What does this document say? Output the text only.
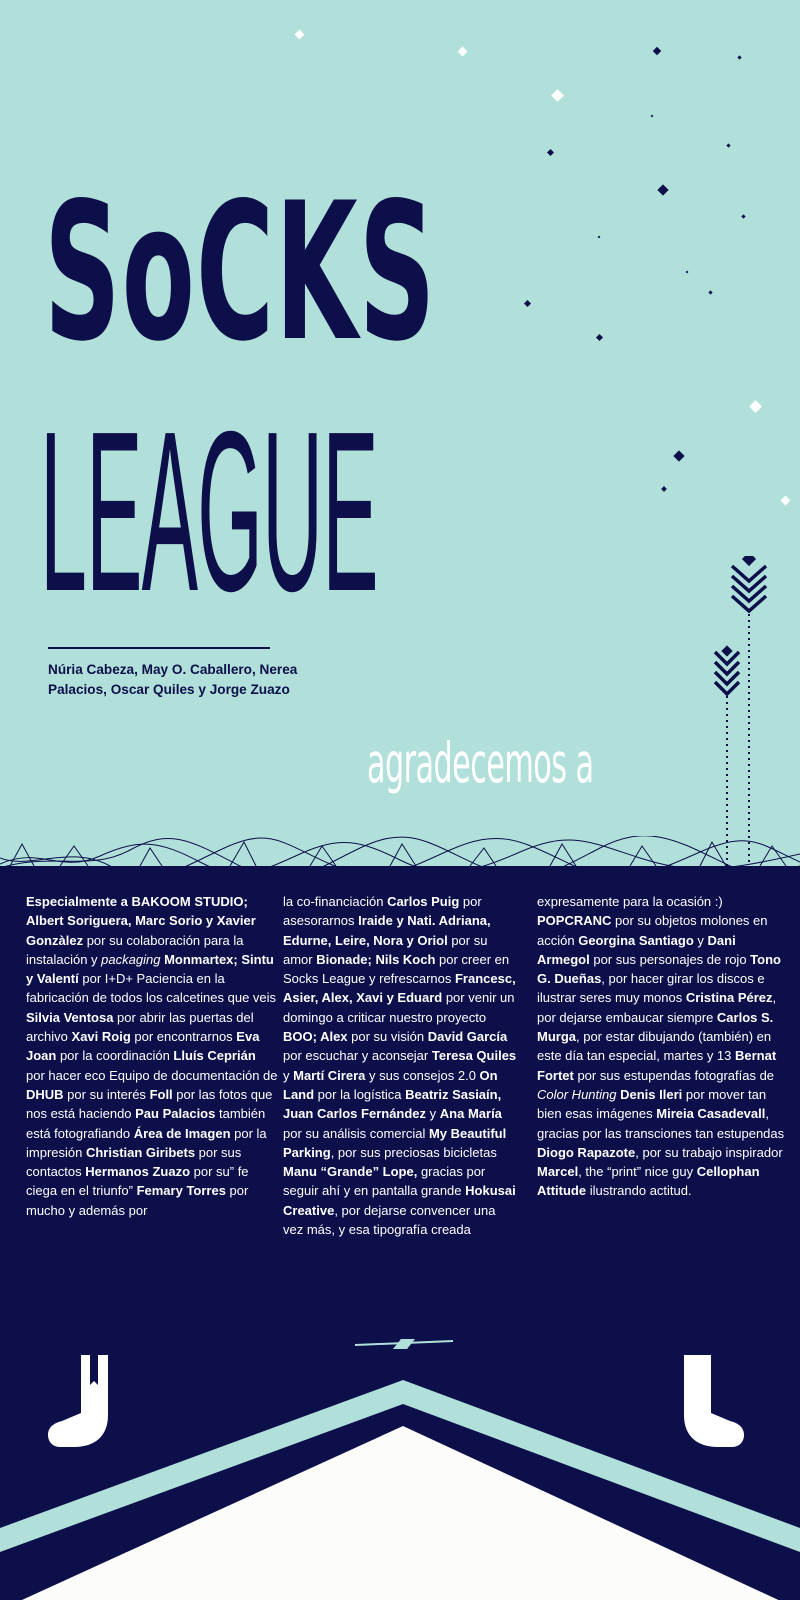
SoCKS
LEAGUE

Núria Cabeza, May O. Caballero, Nerea Palacios, Oscar Quiles y Jorge Zuazo

agradecemos a

Especialmente a BAKOOM STUDIO; Albert Soriguera, Marc Sorio y Xavier Gonzàlez por su colaboración para la instalación y packaging Monmartex; Sintu y Valentí por I+D+ Paciencia en la fabricación de todos los calcetines que veis Silvia Ventosa por abrir las puertas del archivo Xavi Roig por encontrarnos Eva Joan por la coordinación Lluís Ceprián por hacer eco Equipo de documentación de DHUB por su interés Foll por las fotos que nos está haciendo Pau Palacios también está fotografiando Área de Imagen por la impresión Christian Giribets por sus contactos Hermanos Zuazo por su” fe ciega en el triunfo” Femary Torres por mucho y además por

la co-financiación Carlos Puig por asesorarnos Iraide y Nati. Adriana, Edurne, Leire, Nora y Oriol por su amor Bionade; Nils Koch por creer en Socks League y refrescarnos Francesc, Asier, Alex, Xavi y Eduard por venir un domingo a criticar nuestro proyecto BOO; Alex por su visión David García por escuchar y aconsejar Teresa Quiles y Martí Cirera y sus consejos 2.0 On Land por la logística Beatriz Sasiaín, Juan Carlos Fernández y Ana María por su análisis comercial My Beautiful Parking, por sus preciosas bicicletas Manu “Grande” Lope, gracias por seguir ahí y en pantalla grande Hokusai Creative, por dejarse convencer una vez más, y esa tipografía creada

expresamente para la ocasión :) POPCRANC por su objetos molones en acción Georgina Santiago y Dani Armegol por sus personajes de rojo Tono G. Dueñas, por hacer girar los discos e ilustrar seres muy monos Cristina Pérez, por dejarse embaucar siempre Carlos S. Murga, por estar dibujando (también) en este día tan especial, martes y 13 Bernat Fortet por sus estupendas fotografías de Color Hunting Denis Ileri por mover tan bien esas imágenes Mireia Casadevall, gracias por las transciones tan estupendas Diogo Rapazote, por su trabajo inspirador Marcel, the “print” nice guy Cellophan Attitude ilustrando actitud.
